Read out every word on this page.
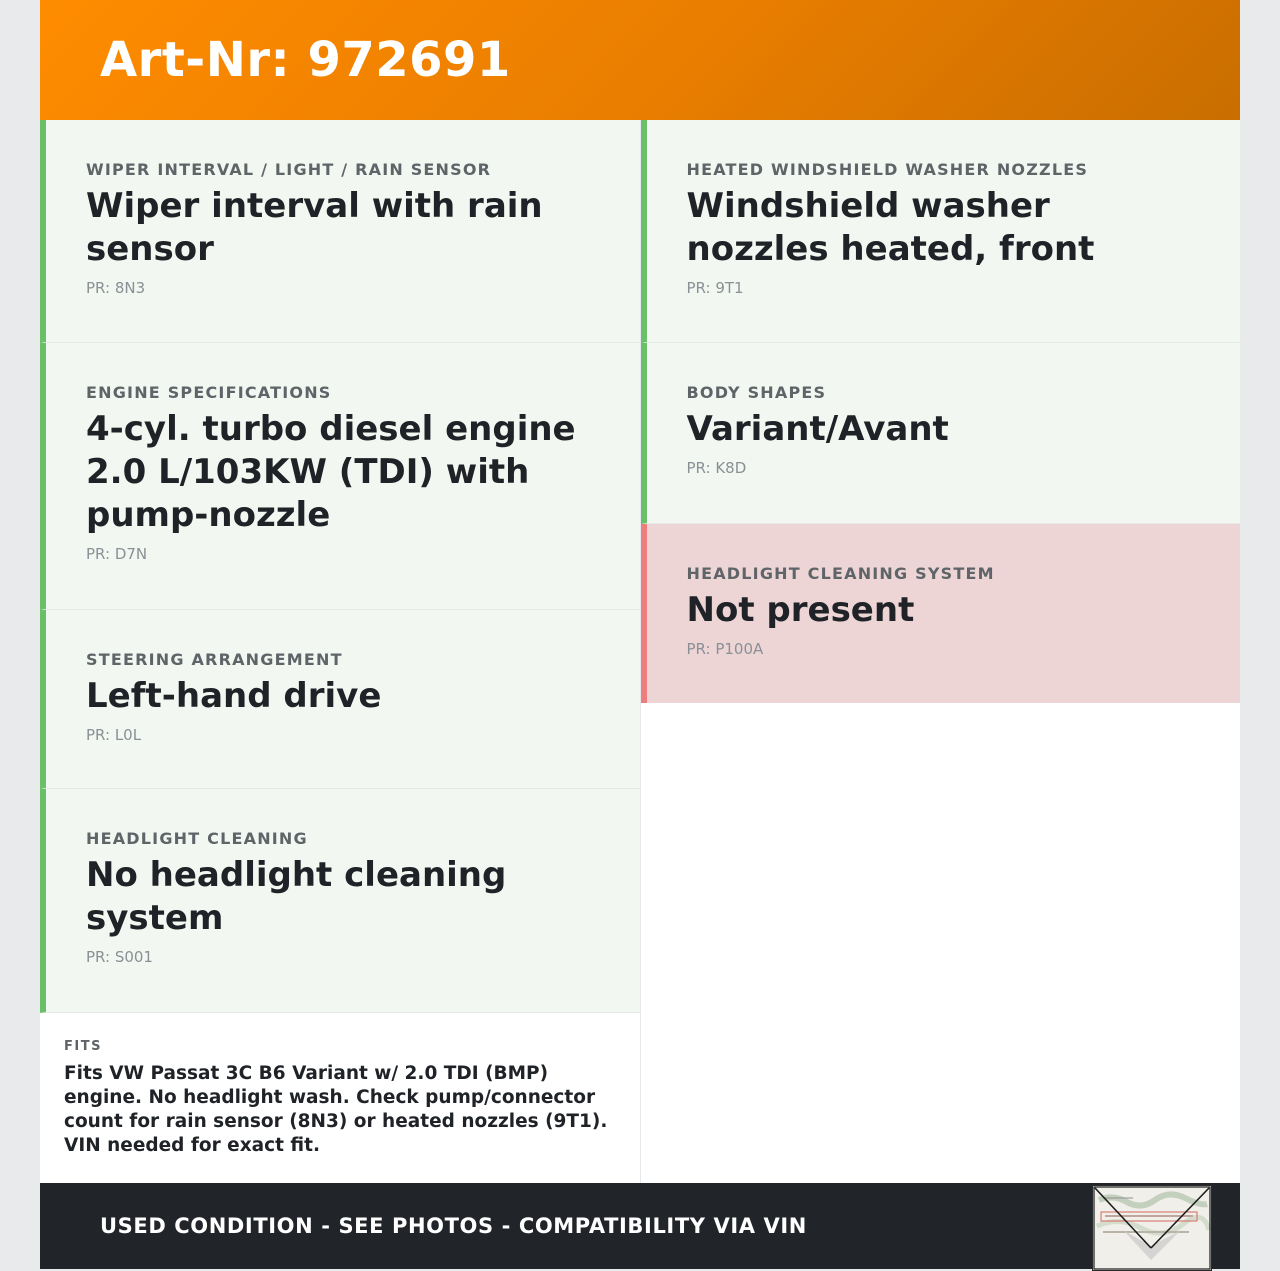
Art-Nr: 972691
WIPER INTERVAL / LIGHT / RAIN SENSOR
Wiper interval with rain sensor
PR: 8N3
ENGINE SPECIFICATIONS
4-cyl. turbo diesel engine 2.0 L/103KW (TDI) with pump-nozzle
PR: D7N
STEERING ARRANGEMENT
Left-hand drive
PR: L0L
HEADLIGHT CLEANING
No headlight cleaning system
PR: S001
FITS
Fits VW Passat 3C B6 Variant w/ 2.0 TDI (BMP) engine. No headlight wash. Check pump/connector count for rain sensor (8N3) or heated nozzles (9T1). VIN needed for exact fit.
HEATED WINDSHIELD WASHER NOZZLES
Windshield washer nozzles heated, front
PR: 9T1
BODY SHAPES
Variant/Avant
PR: K8D
HEADLIGHT CLEANING SYSTEM
Not present
PR: P100A
USED CONDITION - SEE PHOTOS - COMPATIBILITY VIA VIN
